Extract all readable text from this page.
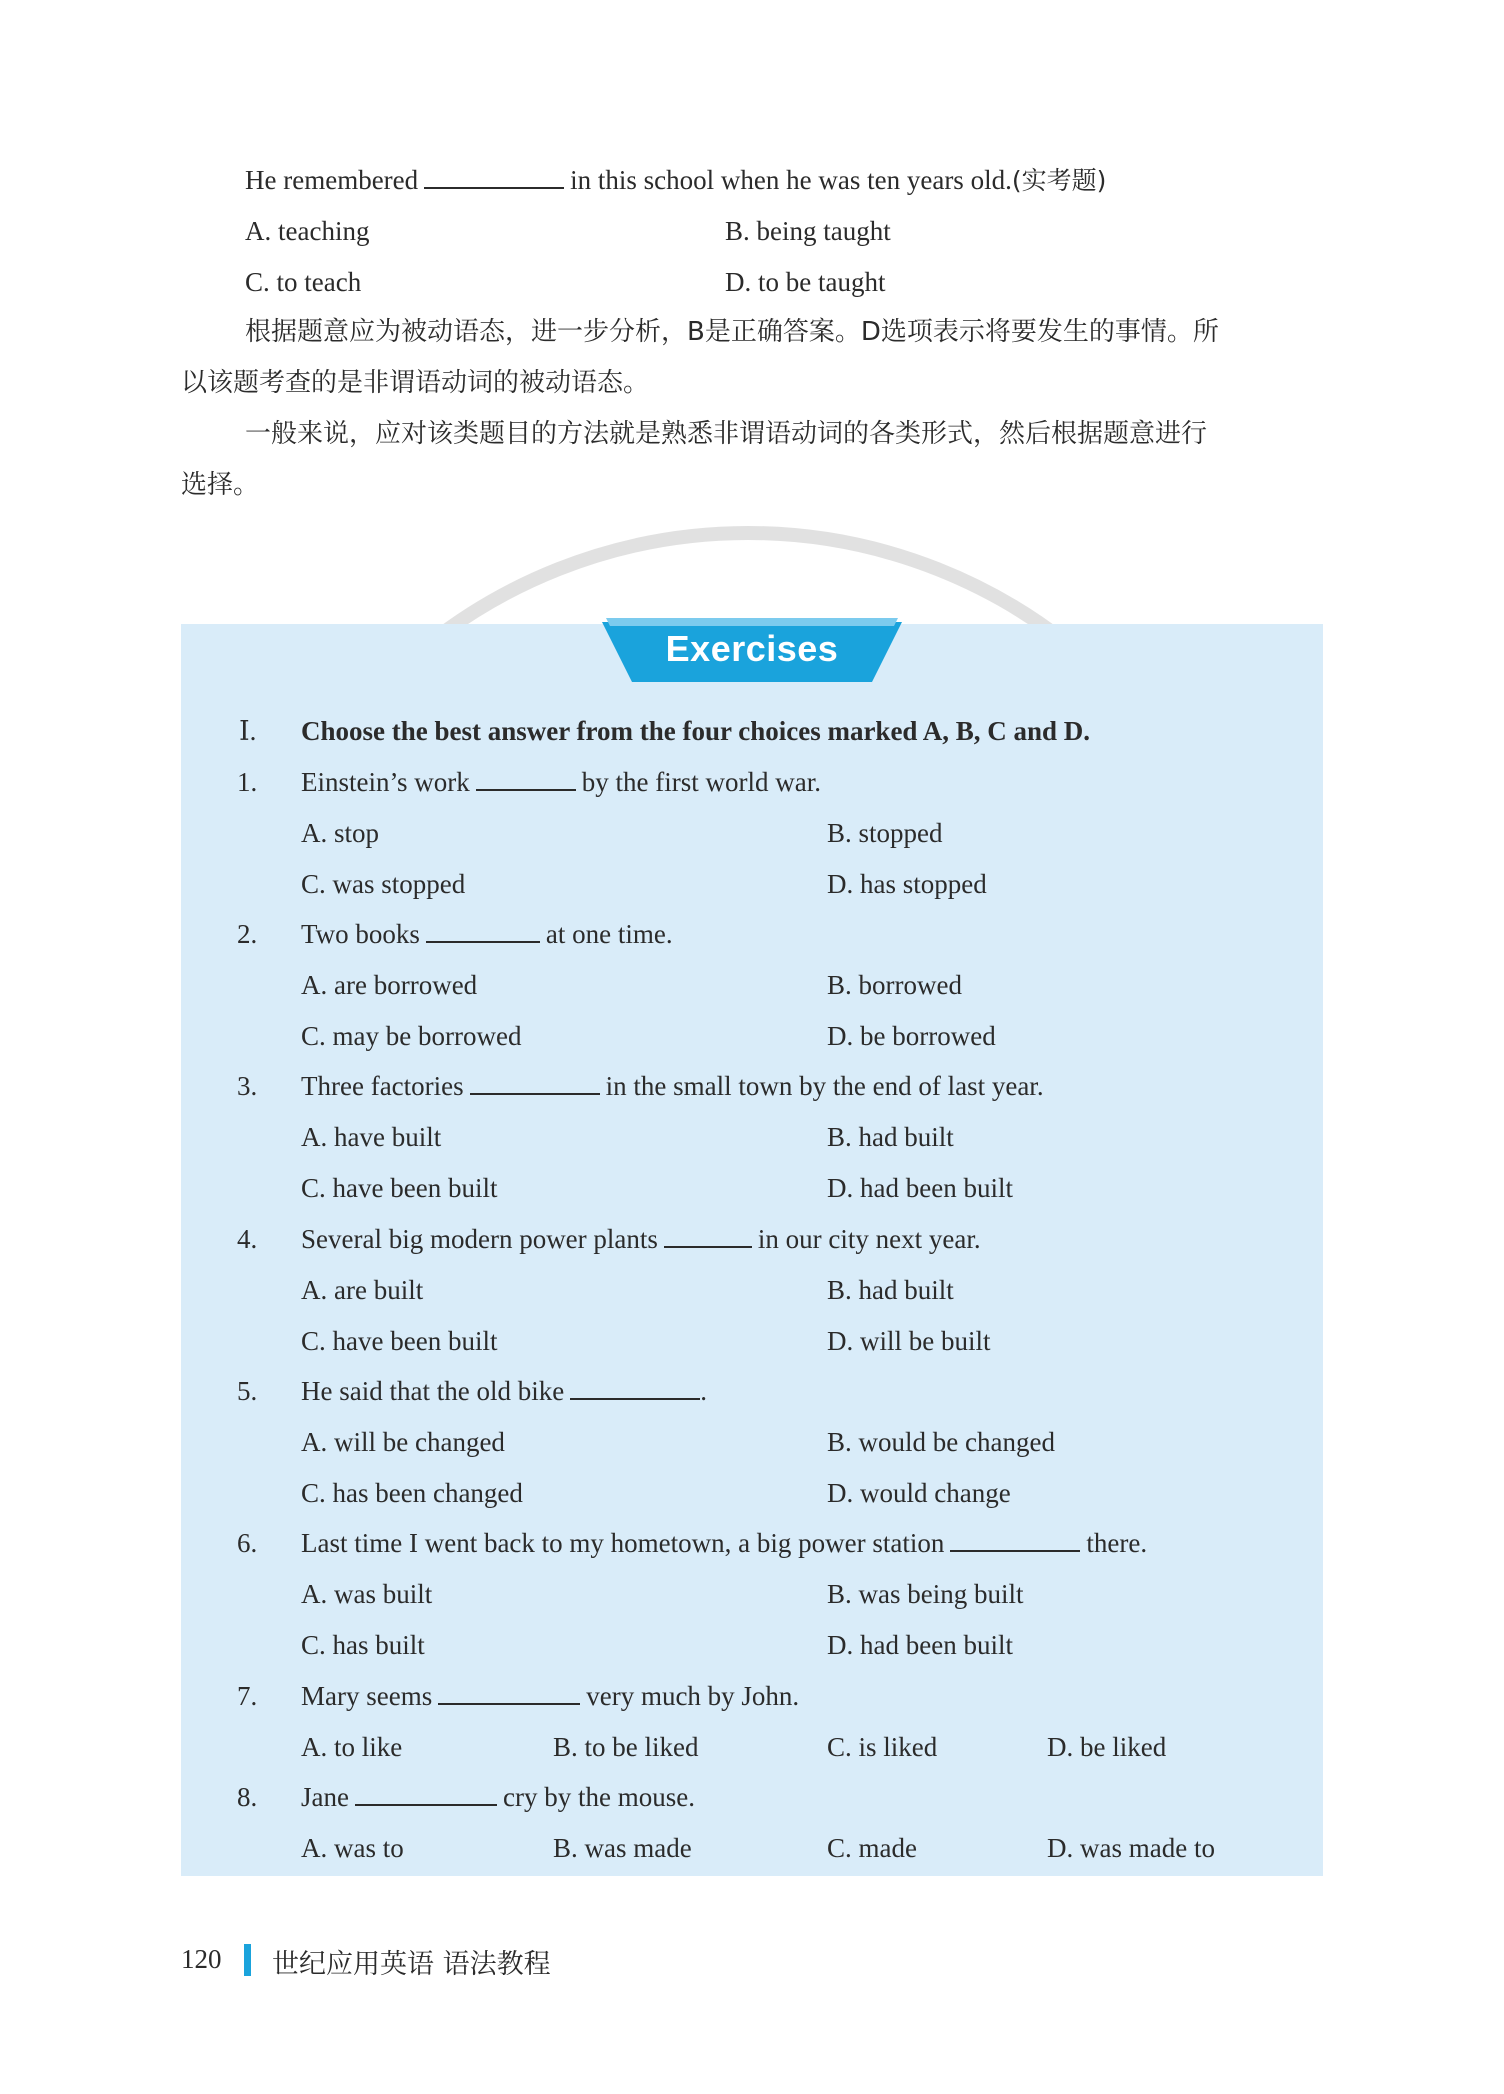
He remembered	in this school when he was ten years old.(实考题)
A. teaching	B. being taught
C. to teach	D. to be taught
根据题意应为被动语态，进一步分析，B是正确答案。D选项表示将要发生的事情。所
以该题考查的是非谓语动词的被动语态。
一般来说，应对该类题目的方法就是熟悉非谓语动词的各类形式，然后根据题意进行
选择。
Exercises
Ⅰ. Choose the best answer from the four choices marked A, B, C and D.
1.	Einstein’s work	by the first world war.
A. stop	B. stopped
C. was stopped	D. has stopped
2.	Two books	at one time.
A. are borrowed	B. borrowed
C. may be borrowed	D. be borrowed
3.	Three factories	in the small town by the end of last year.
A. have built	B. had built
C. have been built	D. had been built
4.	Several big modern power plants	in our city next year.
A. are built	B. had built
C. have been built	D. will be built
5.	He said that the old bike	.
A. will be changed	B. would be changed
C. has been changed	D. would change
6.	Last time I went back to my hometown, a big power station	there.
A. was built	B. was being built
C. has built	D. had been built
7.	Mary seems	very much by John.
A. to like	B. to be liked	C. is liked	D. be liked
8.	Jane	cry by the mouse.
A. was to	B. was made	C. made	D. was made to
120 世纪应用英语 语法教程
